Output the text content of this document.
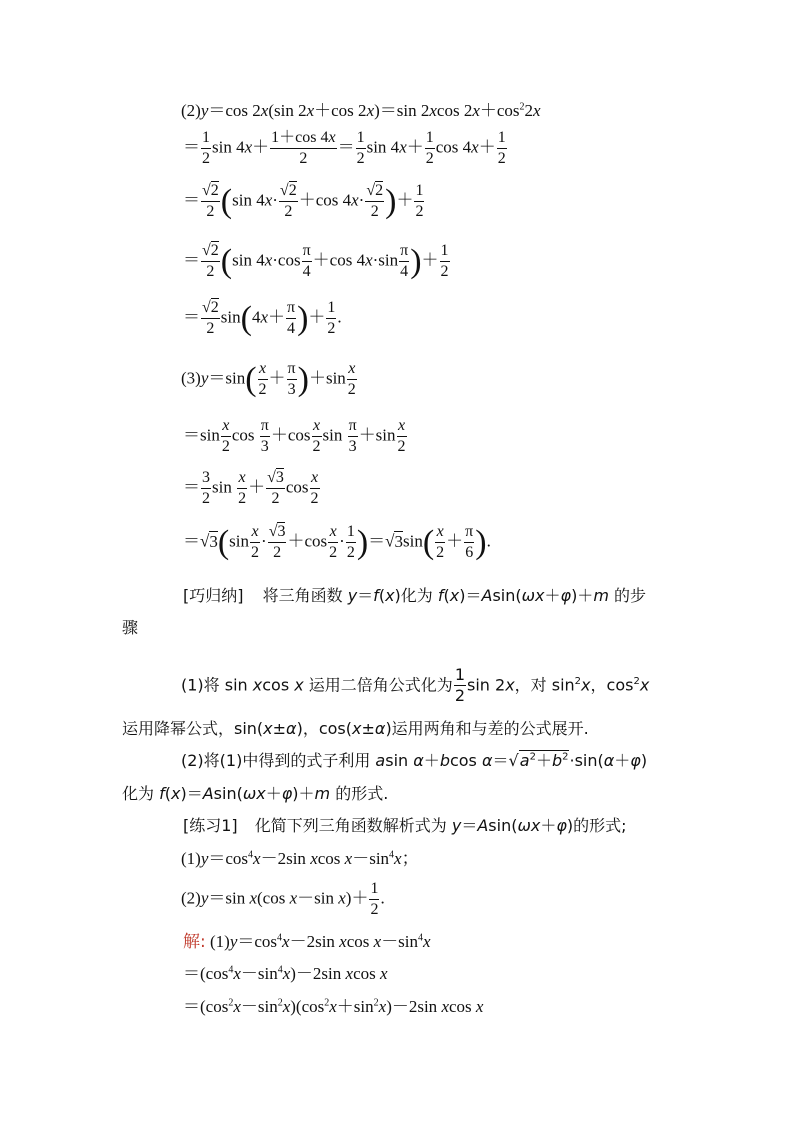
(2)y＝cos 2x(sin 2x＋cos 2x)＝sin 2xcos $2x+\cos^22x$
＝ $\frac{1}{2}$ $\sin 4x+ \frac{1+\cos 4x}{2} = \frac{1}{2}$ $\sin 4x+ \frac{1}{2}$ $\cos 4x+ \frac{1}{2}$
＝ $\frac{√2}{2} (\sin$ $4x\cdot \frac{√2}{2} +\cos$ $4x\cdot \frac{√2}{2}$ )＋ $\frac{1}{2}$
＝ $\frac{√2}{2} (\sin$ $4x\cdot\cos \frac{\pi}{4} +\cos$ $4x\cdot\sin \frac{\pi}{4}$ )＋ $\frac{1}{2}$
＝ $\frac{√2}{2} \sin(4x+ \frac{\pi}{4}$ )＋ $\frac{1}{2}$ .
$(3)y=\sin( \frac{x}{2} + \frac{\pi}{3} )+\sin \frac{x}{2}$
$=\sin \frac{x}{2}$ $\cos \frac{\pi}{3} +\cos \frac{x}{2}$ $\sin \frac{\pi}{3} +\sin \frac{x}{2}$
＝ $\frac{3}{2}$ $\sin \frac{x}{2} + \frac{√3}{2}$ $\cos \frac{x}{2}$
$=√3(\sin \frac{x}{2} \cdot \frac{√3}{2} +\cos \frac{x}{2} \cdot \frac{1}{2} )=√3\sin( \frac{x}{2} + \frac{\pi}{6}$ ).
[巧归纳] 将三角函数 y＝f(x)化为 f(x)＝Asin(ωx＋φ)＋m 的步
骤
(1)将 sin xcos x 运用二倍角公式化为 $\frac{1}{2}$ sin 2x，对 $\sin^2x$，$\cos^2x$
运用降幂公式，sin(x±α)，cos(x±α)运用两角和与差的公式展开.
(2)将(1)中得到的式子利用 asin α＋bcos $\alpha=√a^2+b^2\cdot\sin(\alpha+\varphi)$
化为 f(x)＝Asin(ωx＋φ)＋m 的形式.
[练习1] 化简下列三角函数解析式为 y＝Asin(ωx＋φ)的形式;
$(1)y=\cos^4x-2\sin$ xcos $x-\sin^4x$；
(2)y＝sin x(cos x－sin $x)+ \frac{1}{2}$ .
解: $(1)y=\cos^4x-2\sin$ xcos $x-\sin^4x$
$=(\cos^4x-\sin^4x)-2\sin$ xcos x
$=(\cos^2x-\sin^2x)(\cos^2x+\sin^2x)-2\sin$ xcos x
